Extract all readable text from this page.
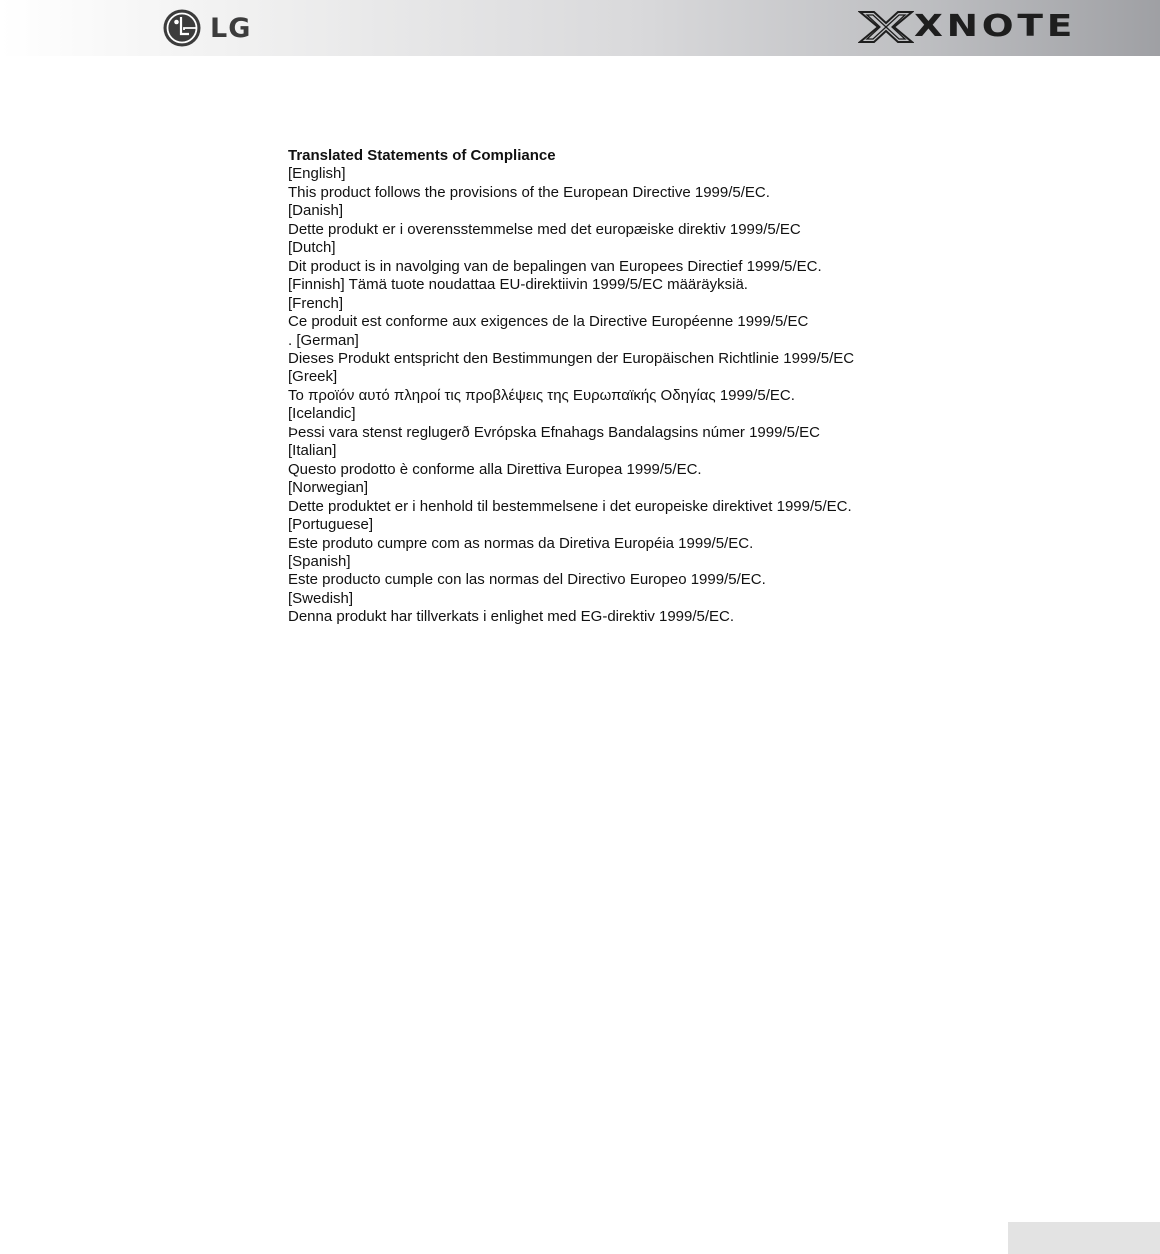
LG	XNOTE
Translated Statements of Compliance
[English]
This product follows the provisions of the European Directive 1999/5/EC.
[Danish]
Dette produkt er i overensstemmelse med det europæiske direktiv 1999/5/EC
[Dutch]
Dit product is in navolging van de bepalingen van Europees Directief 1999/5/EC.
[Finnish] Tämä tuote noudattaa EU-direktiivin 1999/5/EC määräyksiä.
[French]
Ce produit est conforme aux exigences de la Directive Européenne 1999/5/EC
. [German]
Dieses Produkt entspricht den Bestimmungen der Europäischen Richtlinie 1999/5/EC
[Greek]
Το προϊόν αυτό πληροί τις προβλέψεις της Ευρωπαϊκής Οδηγίας 1999/5/EC.
[Icelandic]
Þessi vara stenst reglugerð Evrópska Efnahags Bandalagsins númer 1999/5/EC
[Italian]
Questo prodotto è conforme alla Direttiva Europea 1999/5/EC.
[Norwegian]
Dette produktet er i henhold til bestemmelsene i det europeiske direktivet 1999/5/EC.
[Portuguese]
Este produto cumpre com as normas da Diretiva Européia 1999/5/EC.
[Spanish]
Este producto cumple con las normas del Directivo Europeo 1999/5/EC.
[Swedish]
Denna produkt har tillverkats i enlighet med EG-direktiv 1999/5/EC.
